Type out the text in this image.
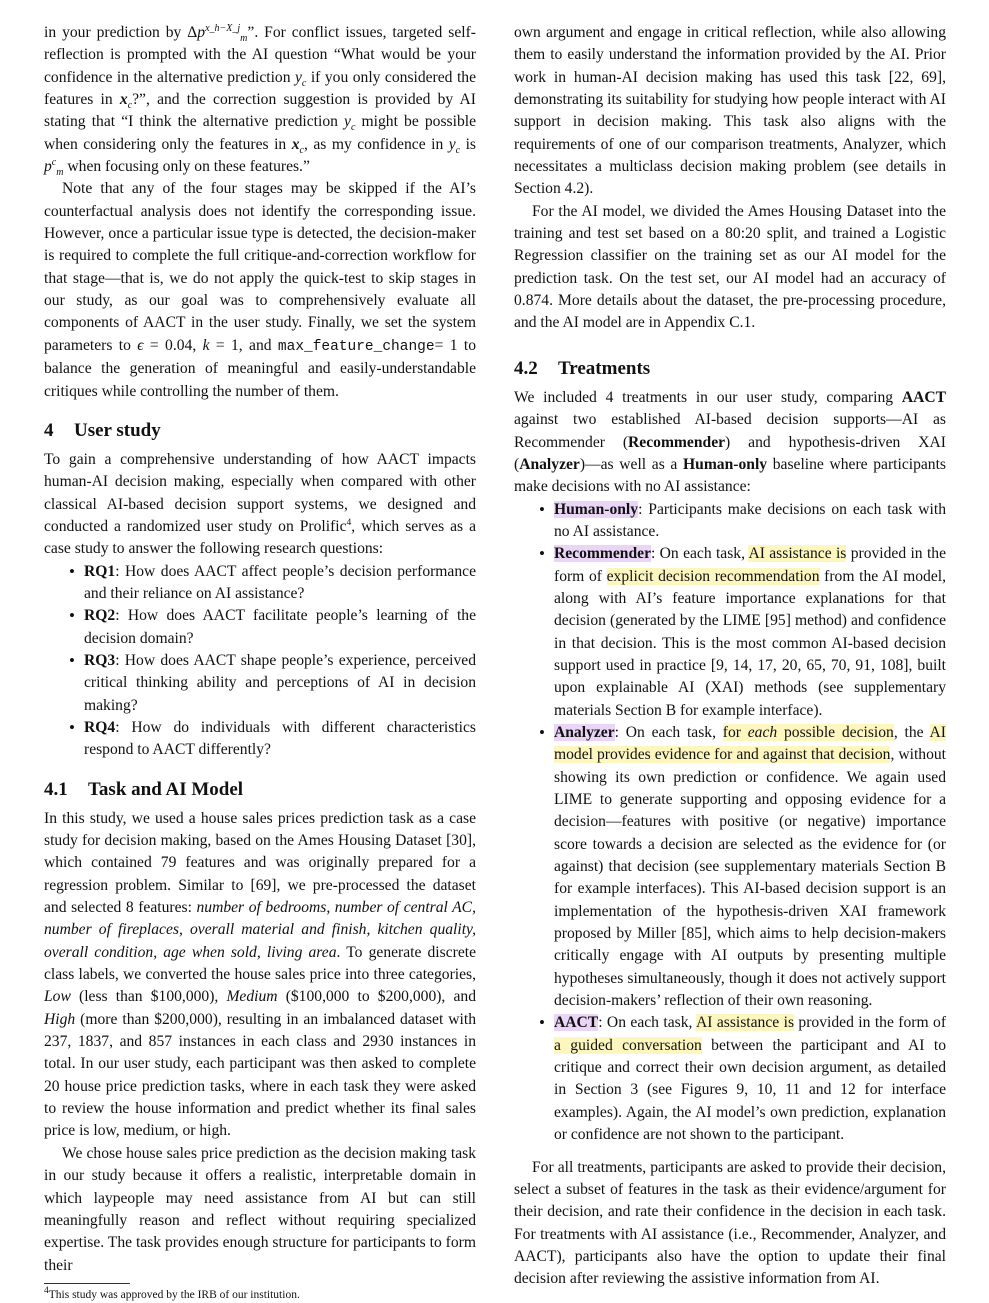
in your prediction by $\Delta p^{x\_h-X\_j}_m$”. For conflict issues, targeted self-reflection is prompted with the AI question “What would be your confidence in the alternative prediction $y_c$ if you only considered the features in $x_c$?”, and the correction suggestion is provided by AI stating that “I think the alternative prediction $y_c$ might be possible when considering only the features in $x_c$, as my confidence in $y_c$ is $p^c_m$ when focusing only on these features.”

Note that any of the four stages may be skipped if the AI’s counterfactual analysis does not identify the corresponding issue. However, once a particular issue type is detected, the decision-maker is required to complete the full critique-and-correction workflow for that stage—that is, we do not apply the quick-test to skip stages in our study, as our goal was to comprehensively evaluate all components of AACT in the user study. Finally, we set the system parameters to ϵ = 0.04, k = 1, and max_feature_change= 1 to balance the generation of meaningful and easily-understandable critiques while controlling the number of them.

4 User study

To gain a comprehensive understanding of how AACT impacts human-AI decision making, especially when compared with other classical AI-based decision support systems, we designed and conducted a randomized user study on Prolific$^4$, which serves as a case study to answer the following research questions:

• RQ1: How does AACT affect people’s decision performance and their reliance on AI assistance?
• RQ2: How does AACT facilitate people’s learning of the decision domain?
• RQ3: How does AACT shape people’s experience, perceived critical thinking ability and perceptions of AI in decision making?
• RQ4: How do individuals with different characteristics respond to AACT differently?
4.1 Task and AI Model

In this study, we used a house sales prices prediction task as a case study for decision making, based on the Ames Housing Dataset [30], which contained 79 features and was originally prepared for a regression problem. Similar to [69], we pre-processed the dataset and selected 8 features: number of bedrooms, number of central AC, number of fireplaces, overall material and finish, kitchen quality, overall condition, age when sold, living area. To generate discrete class labels, we converted the house sales price into three categories, Low (less than $100,000), Medium ($100,000 to $200,000), and High (more than $200,000), resulting in an imbalanced dataset with 237, 1837, and 857 instances in each class and 2930 instances in total. In our user study, each participant was then asked to complete 20 house price prediction tasks, where in each task they were asked to review the house information and predict whether its final sales price is low, medium, or high.

We chose house sales price prediction as the decision making task in our study because it offers a realistic, interpretable domain in which laypeople may need assistance from AI but can still meaningfully reason and reflect without requiring specialized expertise. The task provides enough structure for participants to form their

$^4$This study was approved by the IRB of our institution.

own argument and engage in critical reflection, while also allowing them to easily understand the information provided by the AI. Prior work in human-AI decision making has used this task [22, 69], demonstrating its suitability for studying how people interact with AI support in decision making. This task also aligns with the requirements of one of our comparison treatments, Analyzer, which necessitates a multiclass decision making problem (see details in Section 4.2).

For the AI model, we divided the Ames Housing Dataset into the training and test set based on a 80:20 split, and trained a Logistic Regression classifier on the training set as our AI model for the prediction task. On the test set, our AI model had an accuracy of 0.874. More details about the dataset, the pre-processing procedure, and the AI model are in Appendix C.1.

4.2 Treatments

We included 4 treatments in our user study, comparing AACT against two established AI-based decision supports—AI as Recommender (Recommender) and hypothesis-driven XAI (Analyzer)—as well as a Human-only baseline where participants make decisions with no AI assistance:

• Human-only: Participants make decisions on each task with no AI assistance.
• Recommender: On each task, AI assistance is provided in the form of explicit decision recommendation from the AI model, along with AI’s feature importance explanations for that decision (generated by the LIME [95] method) and confidence in that decision. This is the most common AI-based decision support used in practice [9, 14, 17, 20, 65, 70, 91, 108], built upon explainable AI (XAI) methods (see supplementary materials Section B for example interface).
• Analyzer: On each task, for each possible decision, the AI model provides evidence for and against that decision, without showing its own prediction or confidence. We again used LIME to generate supporting and opposing evidence for a decision—features with positive (or negative) importance score towards a decision are selected as the evidence for (or against) that decision (see supplementary materials Section B for example interfaces). This AI-based decision support is an implementation of the hypothesis-driven XAI framework proposed by Miller [85], which aims to help decision-makers critically engage with AI outputs by presenting multiple hypotheses simultaneously, though it does not actively support decision-makers’ reflection of their own reasoning.
• AACT: On each task, AI assistance is provided in the form of a guided conversation between the participant and AI to critique and correct their own decision argument, as detailed in Section 3 (see Figures 9, 10, 11 and 12 for interface examples). Again, the AI model’s own prediction, explanation or confidence are not shown to the participant.

For all treatments, participants are asked to provide their decision, select a subset of features in the task as their evidence/argument for their decision, and rate their confidence in the decision in each task. For treatments with AI assistance (i.e., Recommender, Analyzer, and AACT), participants also have the option to update their final decision after reviewing the assistive information from AI.
